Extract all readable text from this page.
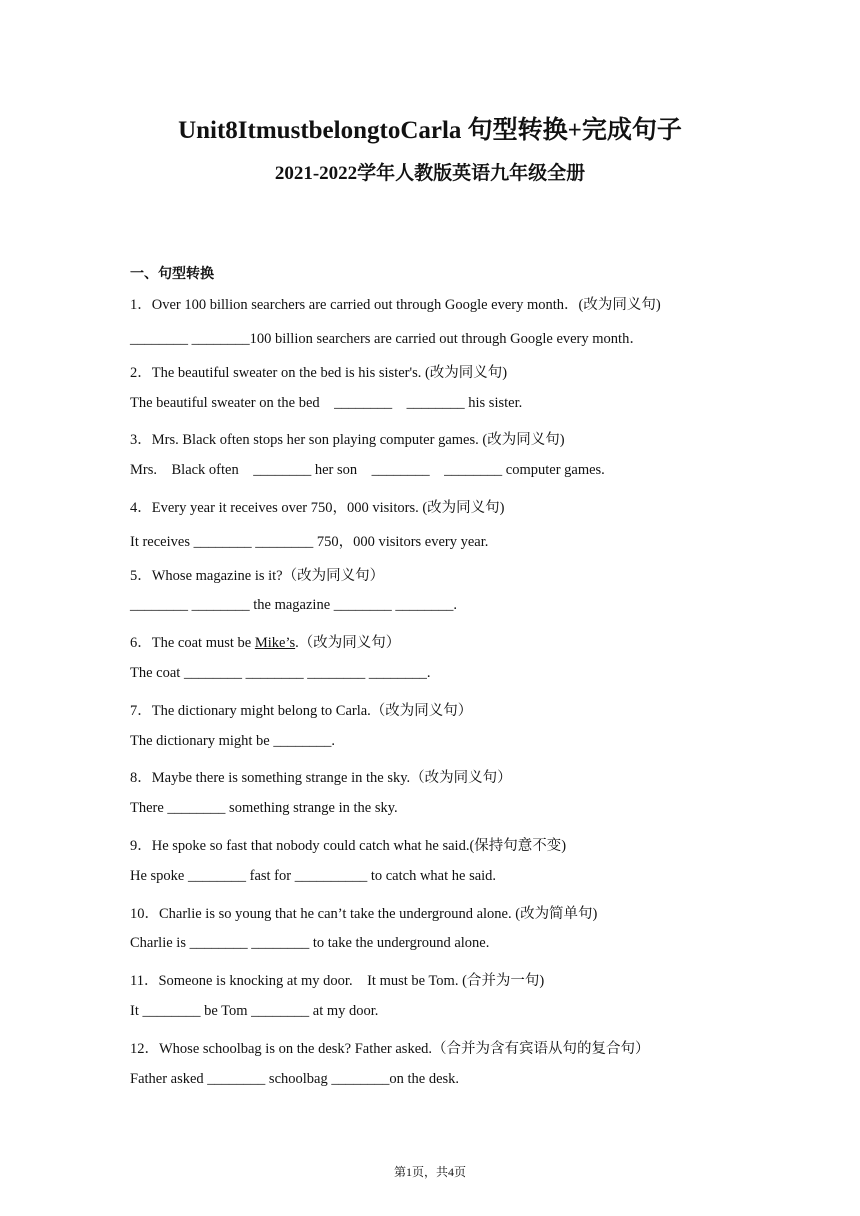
Unit8ItmustbelongtoCarla 句型转换+完成句子
2021-2022学年人教版英语九年级全册
一、句型转换
1．Over 100 billion searchers are carried out through Google every month．(改为同义句)
________ ________100 billion searchers are carried out through Google every month．
2．The beautiful sweater on the bed is his sister's. (改为同义句)
The beautiful sweater on the bed    ________    ________ his sister.
3．Mrs. Black often stops her son playing computer games. (改为同义句)
Mrs.    Black often    ________ her son    ________    ________ computer games.
4．Every year it receives over 750，000 visitors. (改为同义句)
It receives ________ ________ 750，000 visitors every year.
5．Whose magazine is it?（改为同义句）
________ ________ the magazine ________ ________.
6．The coat must be Mike’s.（改为同义句）
The coat ________ ________ ________ ________.
7．The dictionary might belong to Carla.（改为同义句）
The dictionary might be ________.
8．Maybe there is something strange in the sky.（改为同义句）
There ________ something strange in the sky.
9．He spoke so fast that nobody could catch what he said.(保持句意不变)
He spoke ________ fast for __________ to catch what he said.
10．Charlie is so young that he can’t take the underground alone. (改为简单句)
Charlie is ________ ________ to take the underground alone.
11．Someone is knocking at my door.    It must be Tom. (合并为一句)
It ________ be Tom ________ at my door.
12．Whose schoolbag is on the desk? Father asked.（合并为含有宾语从句的复合句）
Father asked ________ schoolbag ________on the desk.
第1页，共4页
